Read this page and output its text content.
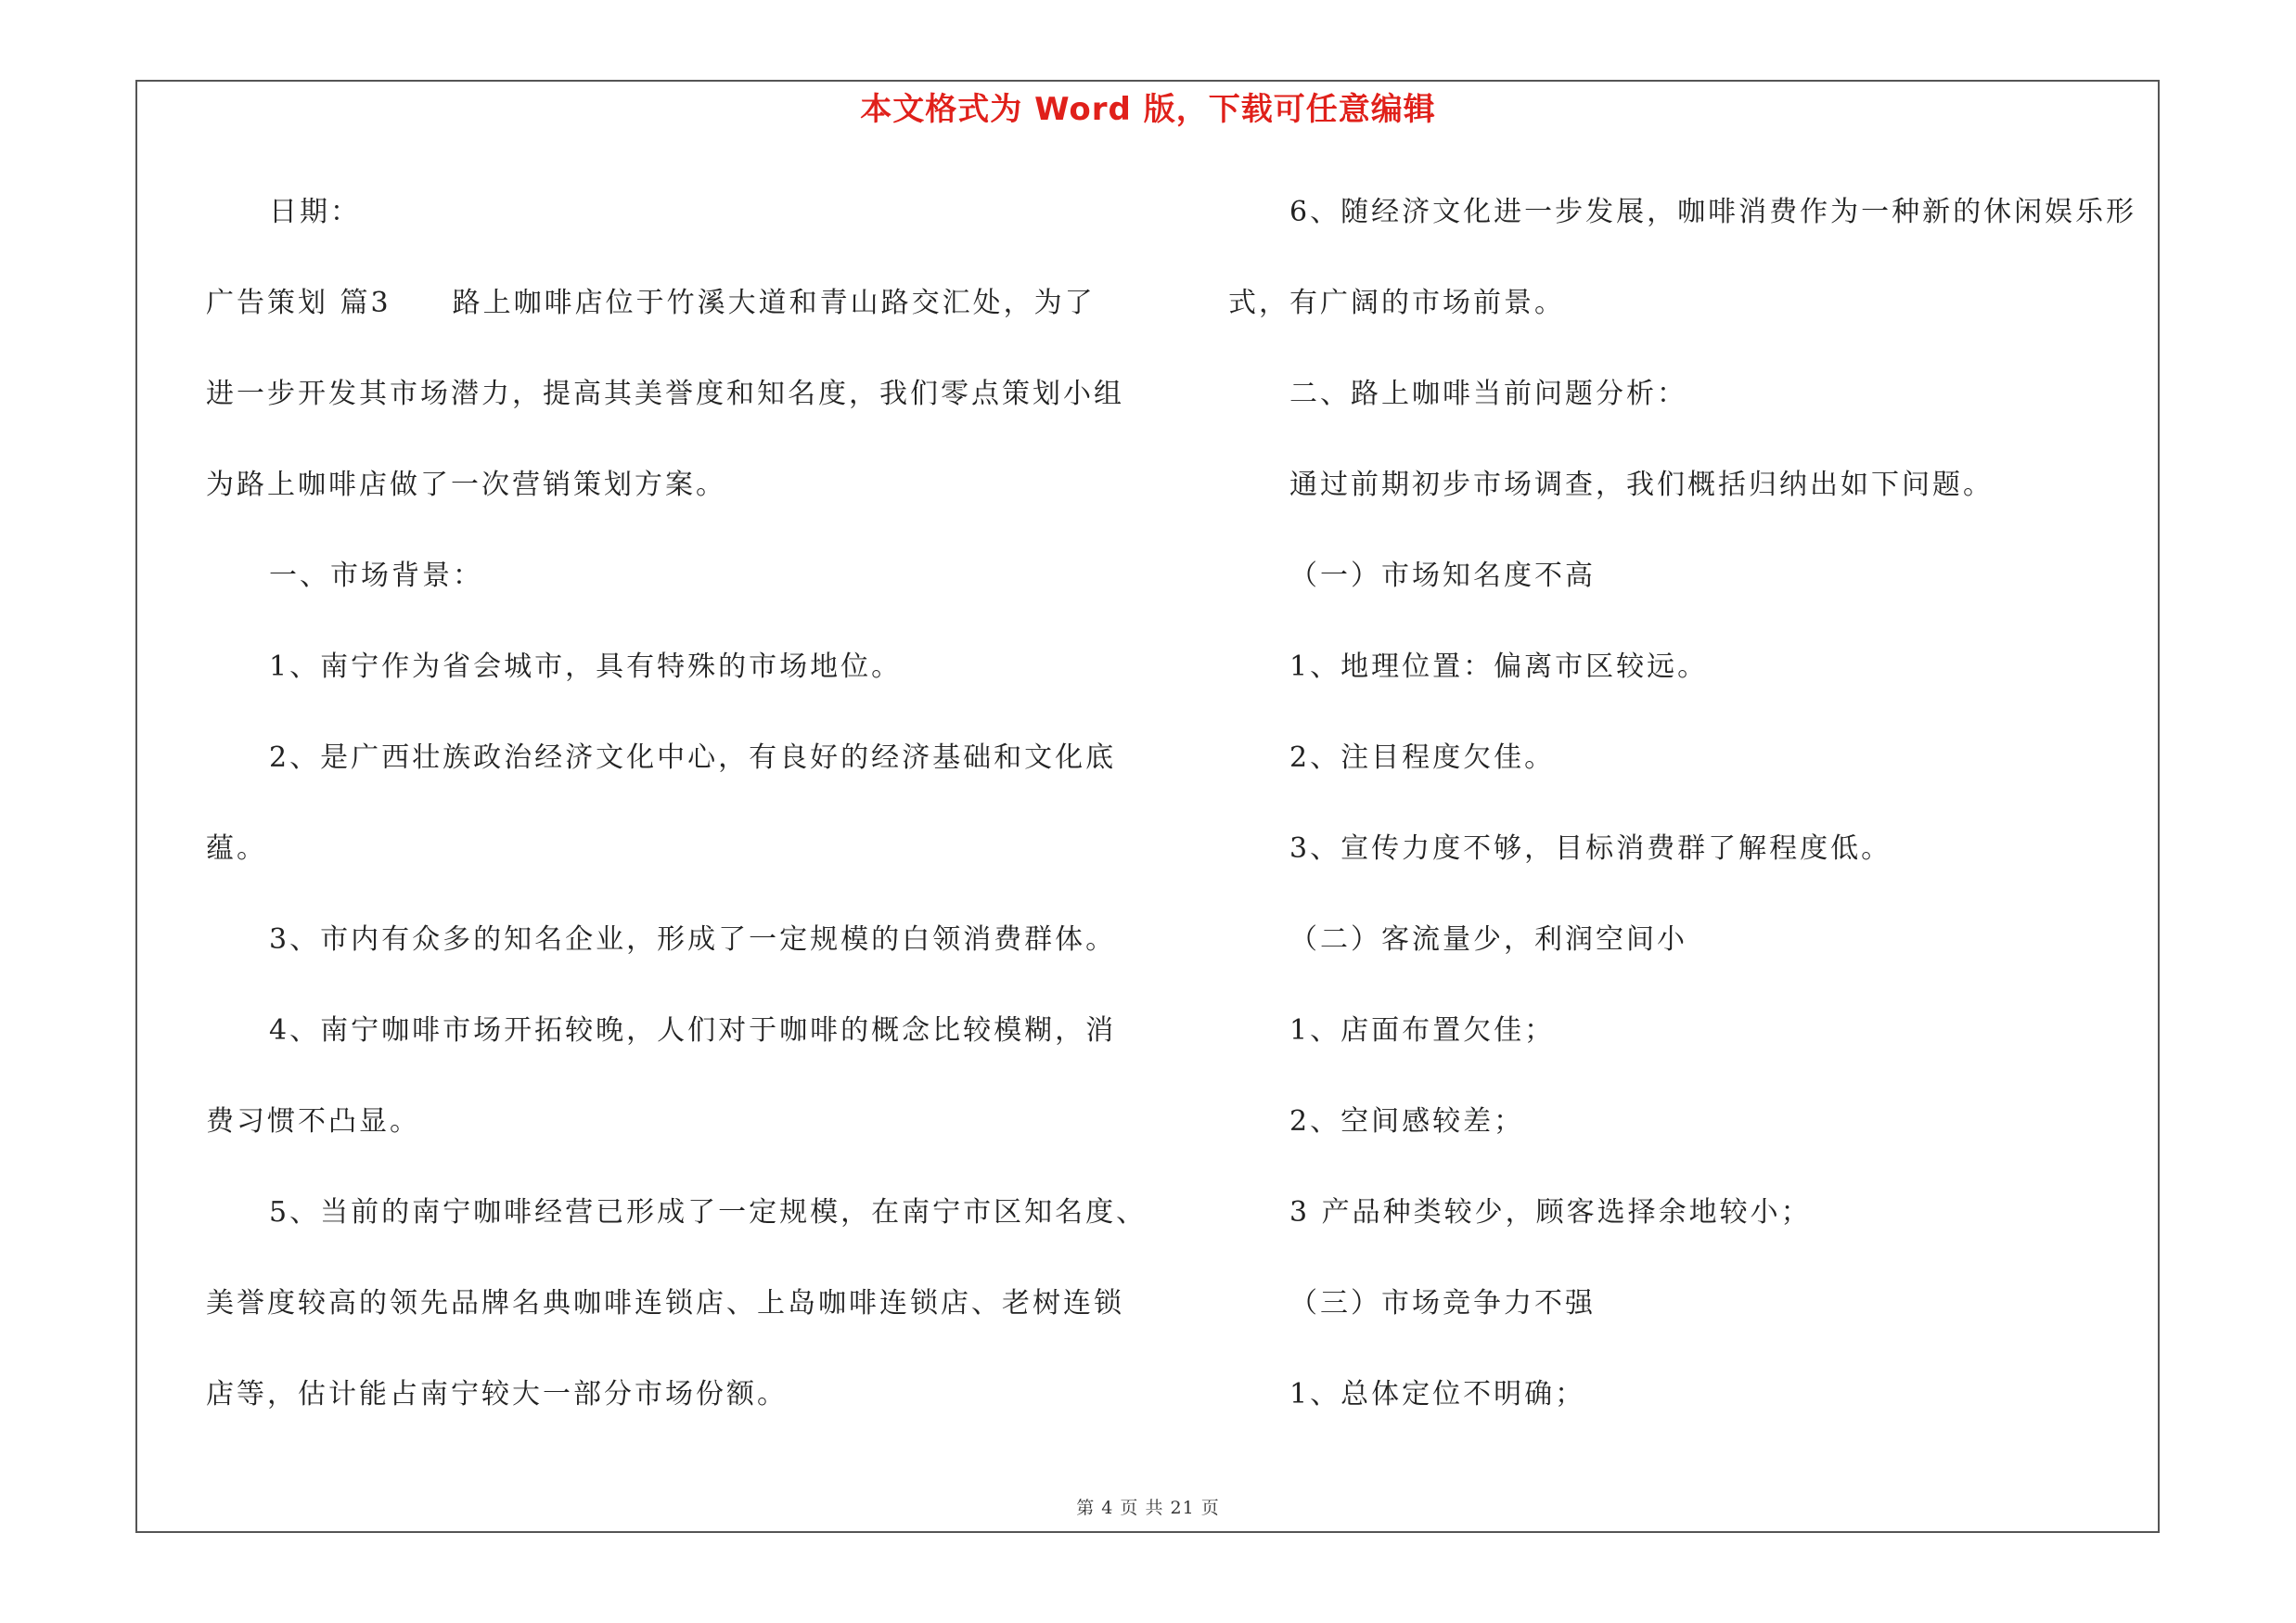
本文格式为 Word 版，下载可任意编辑
日期：
广告策划 篇3　　路上咖啡店位于竹溪大道和青山路交汇处，为了
进一步开发其市场潜力，提高其美誉度和知名度，我们零点策划小组
为路上咖啡店做了一次营销策划方案。
一、市场背景：
1、南宁作为省会城市，具有特殊的市场地位。
2、是广西壮族政治经济文化中心，有良好的经济基础和文化底
蕴。
3、市内有众多的知名企业，形成了一定规模的白领消费群体。
4、南宁咖啡市场开拓较晚，人们对于咖啡的概念比较模糊，消
费习惯不凸显。
5、当前的南宁咖啡经营已形成了一定规模，在南宁市区知名度、
美誉度较高的领先品牌名典咖啡连锁店、上岛咖啡连锁店、老树连锁
店等，估计能占南宁较大一部分市场份额。
6、随经济文化进一步发展，咖啡消费作为一种新的休闲娱乐形
式，有广阔的市场前景。
二、路上咖啡当前问题分析：
通过前期初步市场调查，我们概括归纳出如下问题。
（一）市场知名度不高
1、地理位置：偏离市区较远。
2、注目程度欠佳。
3、宣传力度不够，目标消费群了解程度低。
（二）客流量少，利润空间小
1、店面布置欠佳；
2、空间感较差；
3 产品种类较少，顾客选择余地较小；
（三）市场竞争力不强
1、总体定位不明确；
第 4 页 共 21 页
